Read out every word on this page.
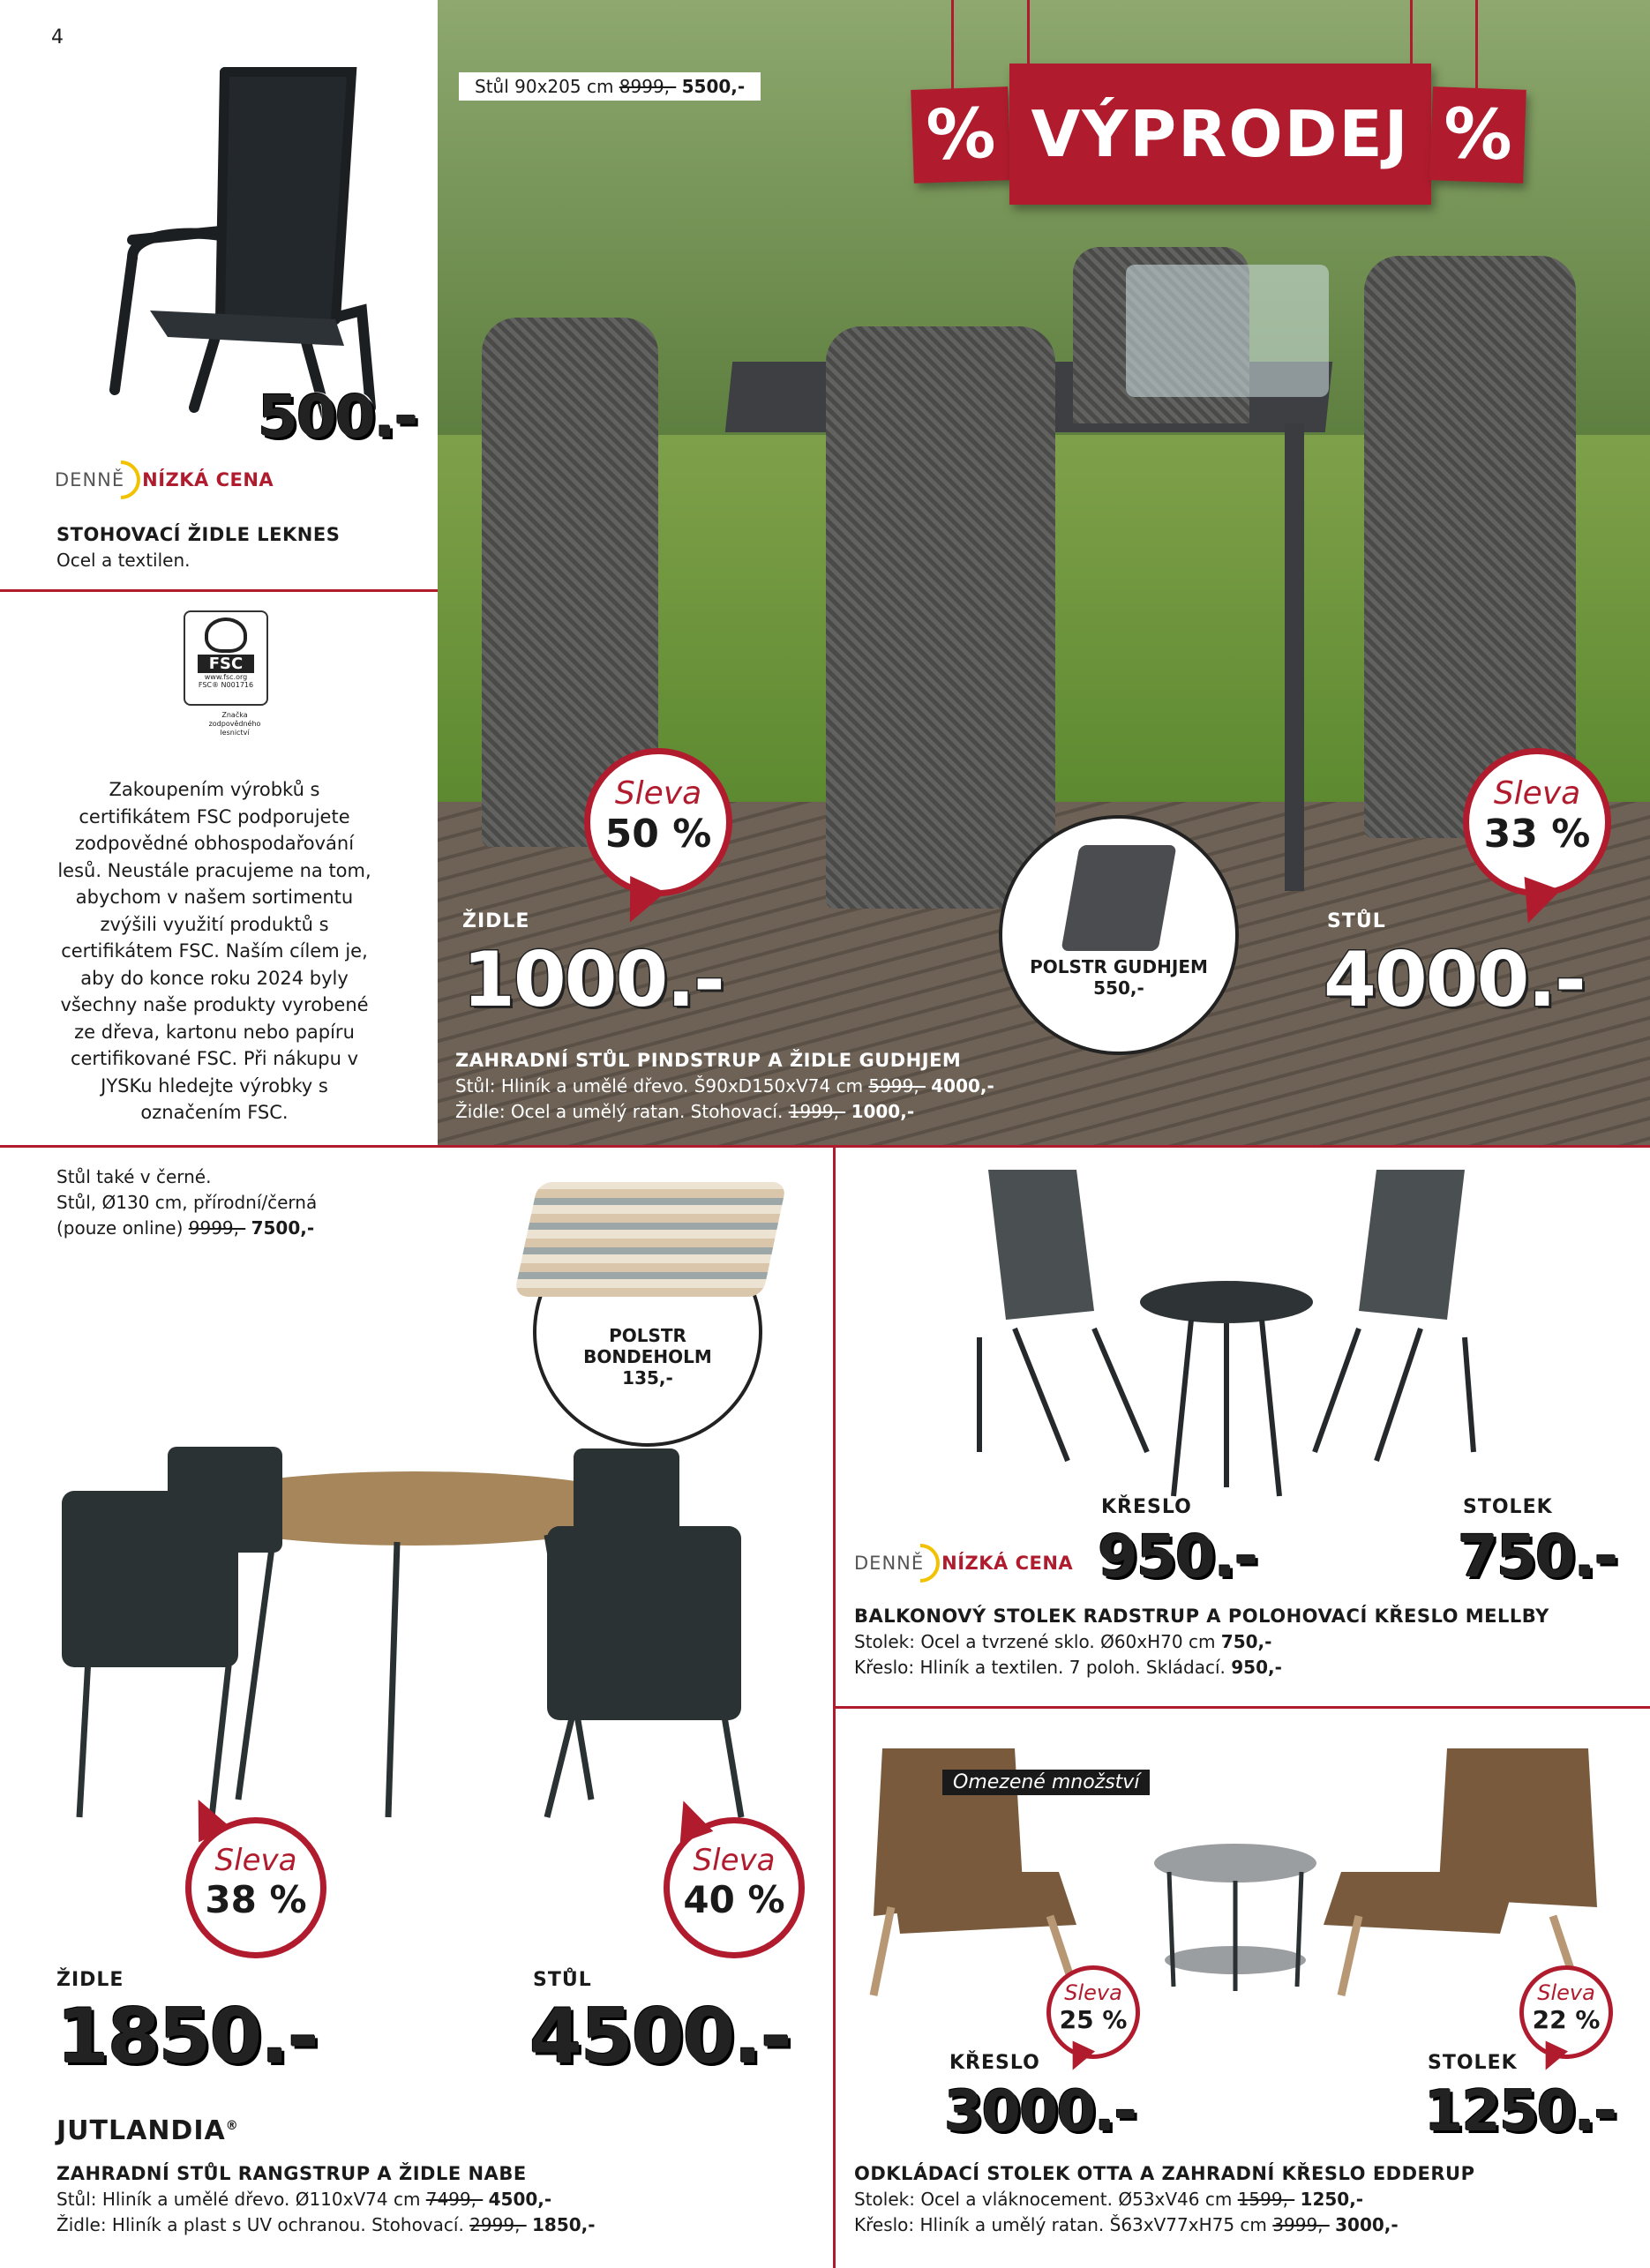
4
500.-
DENNĚ NÍZKÁ CENA
STOHOVACÍ ŽIDLE LEKNES
Ocel a textilen.
FSC
www.fsc.org
FSC® N001716
Značka zodpovědného lesnictví
Zakoupením výrobků s certifikátem FSC podporujete zodpovědné obhospodařování lesů. Neustále pracujeme na tom, abychom v našem sortimentu zvýšili využití produktů s certifikátem FSC. Naším cílem je, aby do konce roku 2024 byly všechny naše produkty vyrobené ze dřeva, kartonu nebo papíru certifikované FSC. Při nákupu v JYSKu hledejte výrobky s označením FSC.
Stůl 90x205 cm 8999,- 5500,-
% VÝPRODEJ %
Sleva
50 %
Sleva
33 %
POLSTR GUDHJEM
550,-
ŽIDLE
1000.-
STŮL
4000.-
ZAHRADNÍ STŮL PINDSTRUP A ŽIDLE GUDHJEM
Stůl: Hliník a umělé dřevo. Š90xD150xV74 cm 5999,- 4000,-
Židle: Ocel a umělý ratan. Stohovací. 1999,- 1000,-
Stůl také v černé.
Stůl, Ø130 cm, přírodní/černá
(pouze online) 9999,- 7500,-
POLSTR
BONDEHOLM
135,-
Sleva
38 %
Sleva
40 %
ŽIDLE
1850.-
STŮL
4500.-
JUTLANDIA®
ZAHRADNÍ STŮL RANGSTRUP A ŽIDLE NABE
Stůl: Hliník a umělé dřevo. Ø110xV74 cm 7499,- 4500,-
Židle: Hliník a plast s UV ochranou. Stohovací. 2999,- 1850,-
DENNĚ NÍZKÁ CENA
KŘESLO
950.-
STOLEK
750.-
BALKONOVÝ STOLEK RADSTRUP A POLOHOVACÍ KŘESLO MELLBY
Stolek: Ocel a tvrzené sklo. Ø60xH70 cm 750,-
Křeslo: Hliník a textilen. 7 poloh. Skládací. 950,-
Omezené množství
Sleva
25 %
Sleva
22 %
KŘESLO
3000.-
STOLEK
1250.-
ODKLÁDACÍ STOLEK OTTA A ZAHRADNÍ KŘESLO EDDERUP
Stolek: Ocel a vláknocement. Ø53xV46 cm 1599,- 1250,-
Křeslo: Hliník a umělý ratan. Š63xV77xH75 cm 3999,- 3000,-
